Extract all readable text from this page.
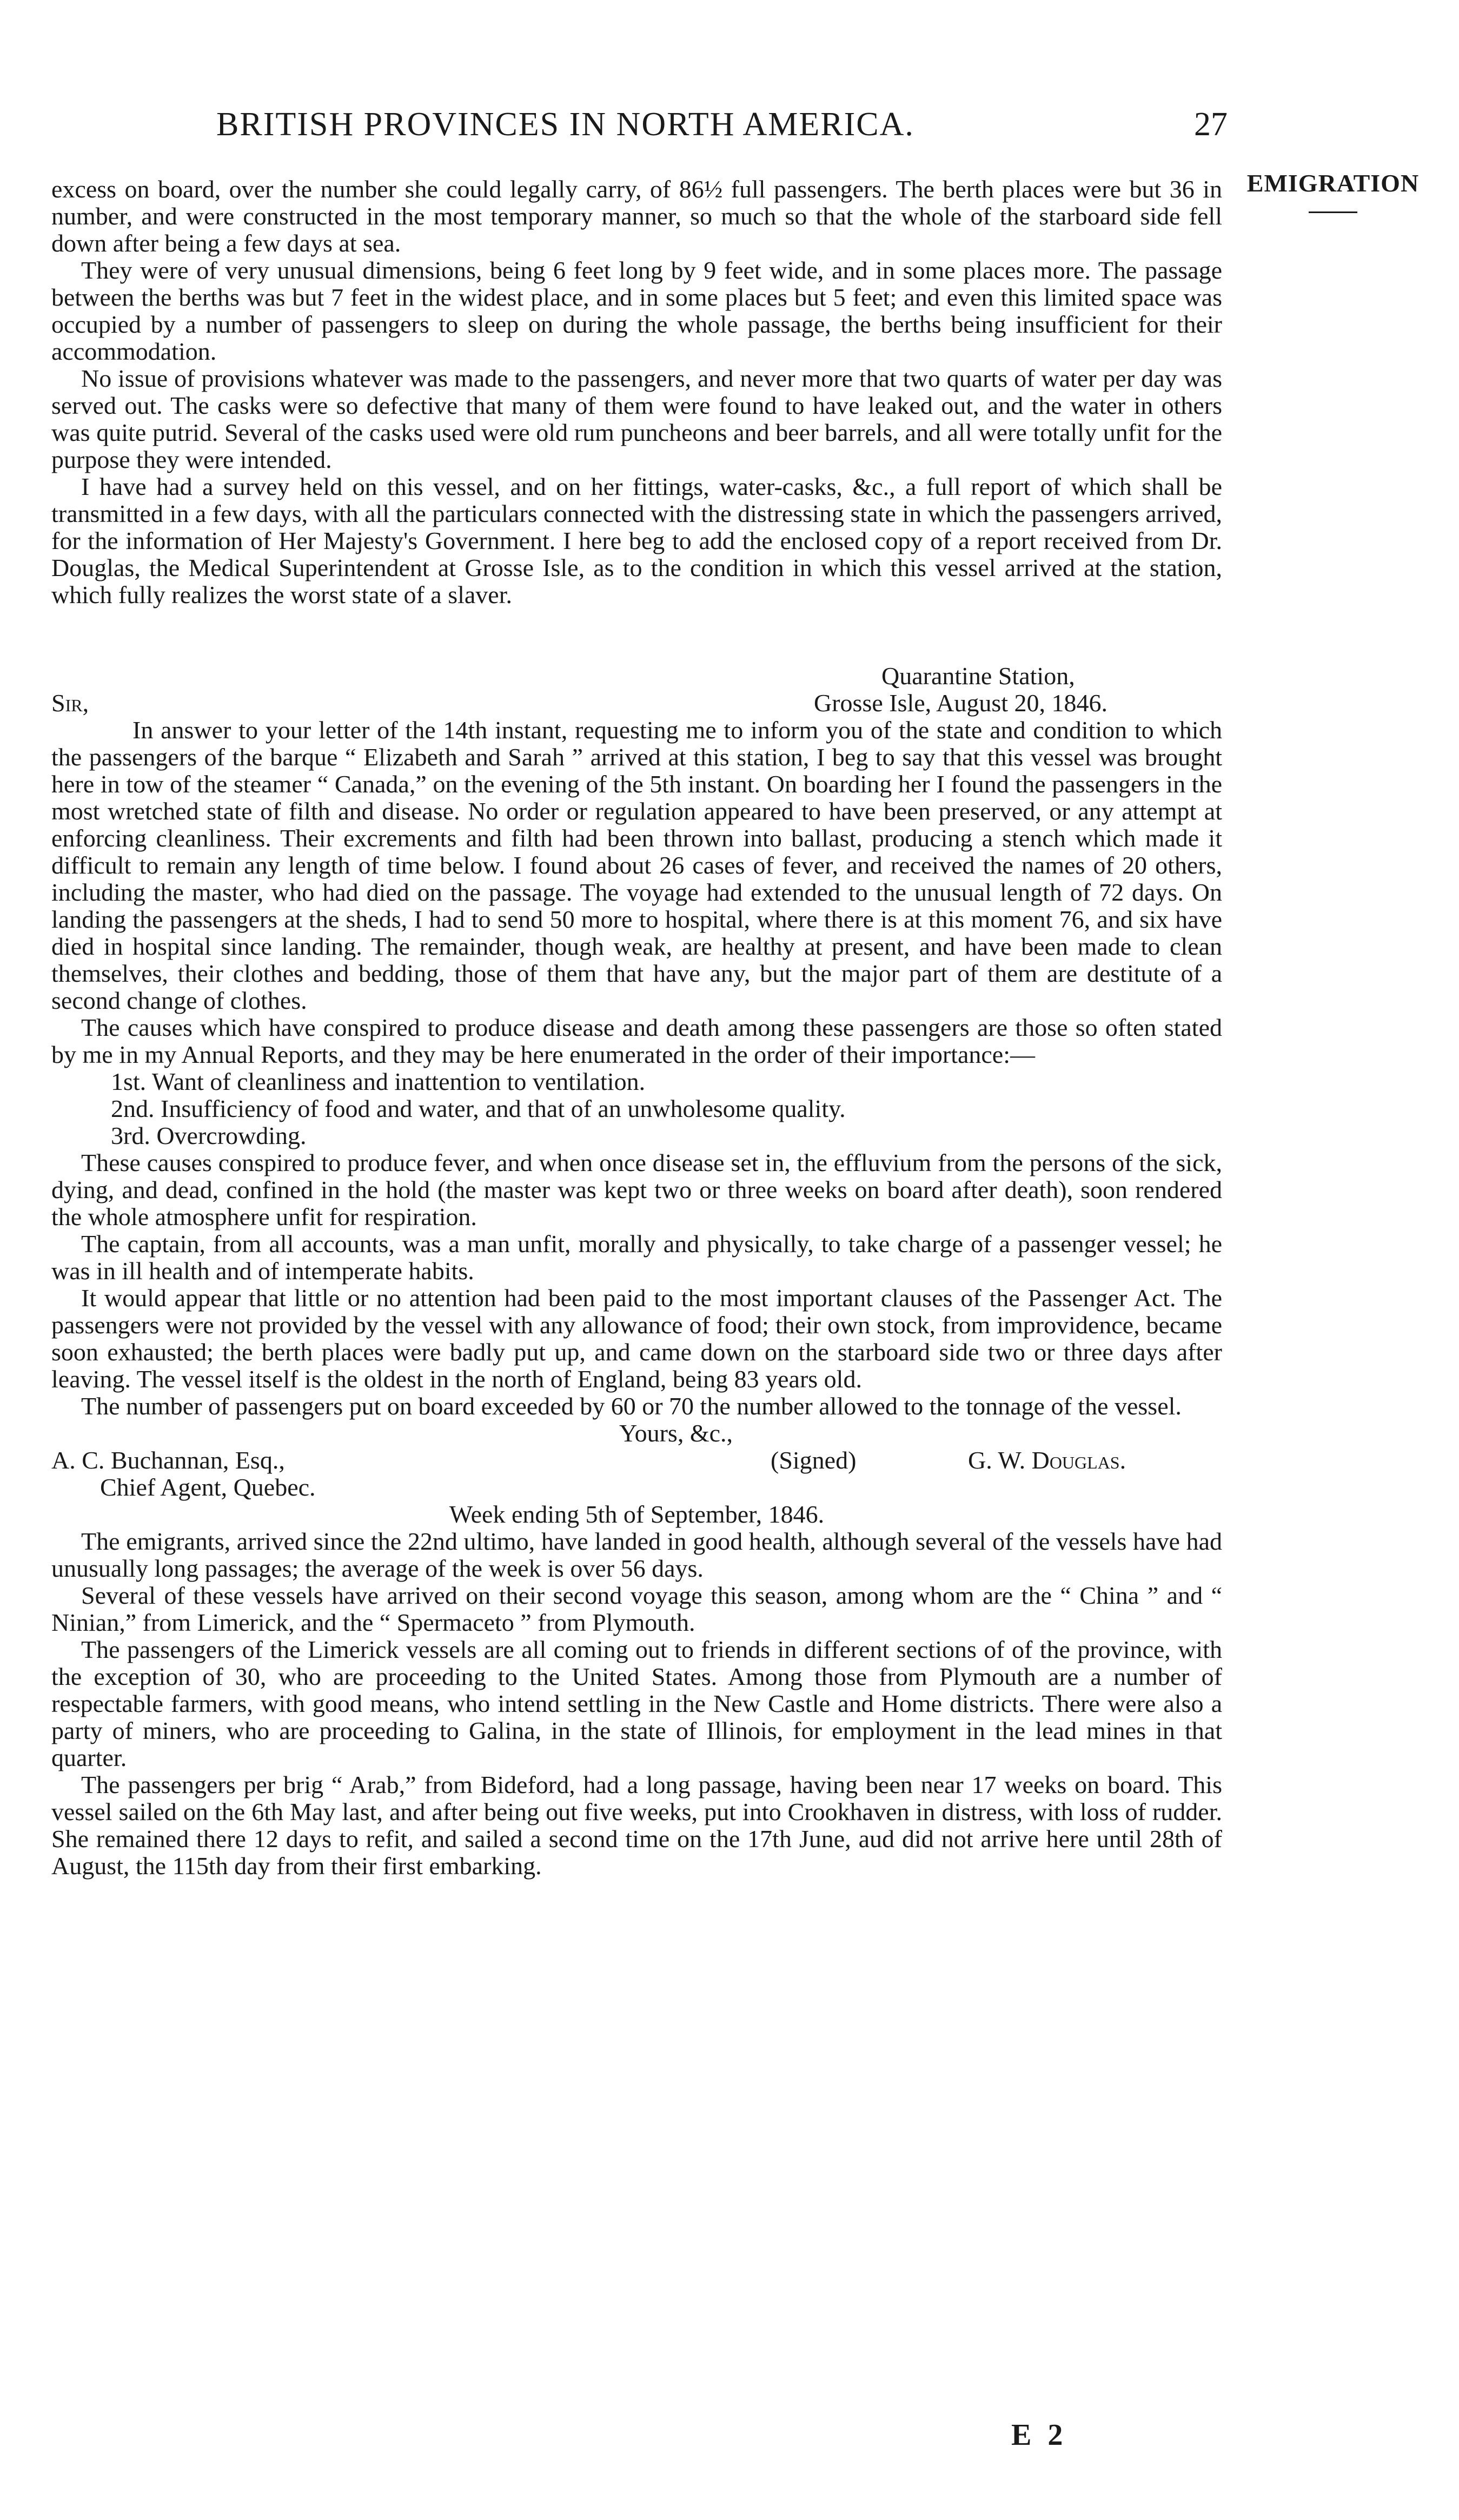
BRITISH PROVINCES IN NORTH AMERICA.	27
EMIGRATION

excess on board, over the number she could legally carry, of 86½ full passengers. The berth places were but 36 in number, and were constructed in the most temporary manner, so much so that the whole of the starboard side fell down after being a few days at sea.

They were of very unusual dimensions, being 6 feet long by 9 feet wide, and in some places more. The passage between the berths was but 7 feet in the widest place, and in some places but 5 feet; and even this limited space was occupied by a number of passengers to sleep on during the whole passage, the berths being insufficient for their accommodation.

No issue of provisions whatever was made to the passengers, and never more that two quarts of water per day was served out. The casks were so defective that many of them were found to have leaked out, and the water in others was quite putrid. Several of the casks used were old rum puncheons and beer barrels, and all were totally unfit for the purpose they were intended.

I have had a survey held on this vessel, and on her fittings, water-casks, &c., a full report of which shall be transmitted in a few days, with all the particulars connected with the distressing state in which the passengers arrived, for the information of Her Majesty's Government. I here beg to add the enclosed copy of a report received from Dr. Douglas, the Medical Superintendent at Grosse Isle, as to the condition in which this vessel arrived at the station, which fully realizes the worst state of a slaver.

Quarantine Station,
Sir,	Grosse Isle, August 20, 1846.

In answer to your letter of the 14th instant, requesting me to inform you of the state and condition to which the passengers of the barque “ Elizabeth and Sarah ” arrived at this station, I beg to say that this vessel was brought here in tow of the steamer “ Canada,” on the evening of the 5th instant. On boarding her I found the passengers in the most wretched state of filth and disease. No order or regulation appeared to have been preserved, or any attempt at enforcing cleanliness. Their excrements and filth had been thrown into ballast, producing a stench which made it difficult to remain any length of time below. I found about 26 cases of fever, and received the names of 20 others, including the master, who had died on the passage. The voyage had extended to the unusual length of 72 days. On landing the passengers at the sheds, I had to send 50 more to hospital, where there is at this moment 76, and six have died in hospital since landing. The remainder, though weak, are healthy at present, and have been made to clean themselves, their clothes and bedding, those of them that have any, but the major part of them are destitute of a second change of clothes.

The causes which have conspired to produce disease and death among these passengers are those so often stated by me in my Annual Reports, and they may be here enumerated in the order of their importance:—

1st. Want of cleanliness and inattention to ventilation.

2nd. Insufficiency of food and water, and that of an unwholesome quality.

3rd. Overcrowding.

These causes conspired to produce fever, and when once disease set in, the effluvium from the persons of the sick, dying, and dead, confined in the hold (the master was kept two or three weeks on board after death), soon rendered the whole atmosphere unfit for respiration.

The captain, from all accounts, was a man unfit, morally and physically, to take charge of a passenger vessel; he was in ill health and of intemperate habits.

It would appear that little or no attention had been paid to the most important clauses of the Passenger Act. The passengers were not provided by the vessel with any allowance of food; their own stock, from improvidence, became soon exhausted; the berth places were badly put up, and came down on the starboard side two or three days after leaving. The vessel itself is the oldest in the north of England, being 83 years old.

The number of passengers put on board exceeded by 60 or 70 the number allowed to the tonnage of the vessel.

Yours, &c.,
A. C. Buchannan, Esq.,
Chief Agent, Quebec.
(Signed)	G. W. Douglas.

Week ending 5th of September, 1846.

The emigrants, arrived since the 22nd ultimo, have landed in good health, although several of the vessels have had unusually long passages; the average of the week is over 56 days.

Several of these vessels have arrived on their second voyage this season, among whom are the “ China ” and “ Ninian,” from Limerick, and the “ Spermaceto ” from Plymouth.

The passengers of the Limerick vessels are all coming out to friends in different sections of of the province, with the exception of 30, who are proceeding to the United States. Among those from Plymouth are a number of respectable farmers, with good means, who intend settling in the New Castle and Home districts. There were also a party of miners, who are proceeding to Galina, in the state of Illinois, for employment in the lead mines in that quarter.

The passengers per brig “ Arab,” from Bideford, had a long passage, having been near 17 weeks on board. This vessel sailed on the 6th May last, and after being out five weeks, put into Crookhaven in distress, with loss of rudder. She remained there 12 days to refit, and sailed a second time on the 17th June, aud did not arrive here until 28th of August, the 115th day from their first embarking.

E 2
